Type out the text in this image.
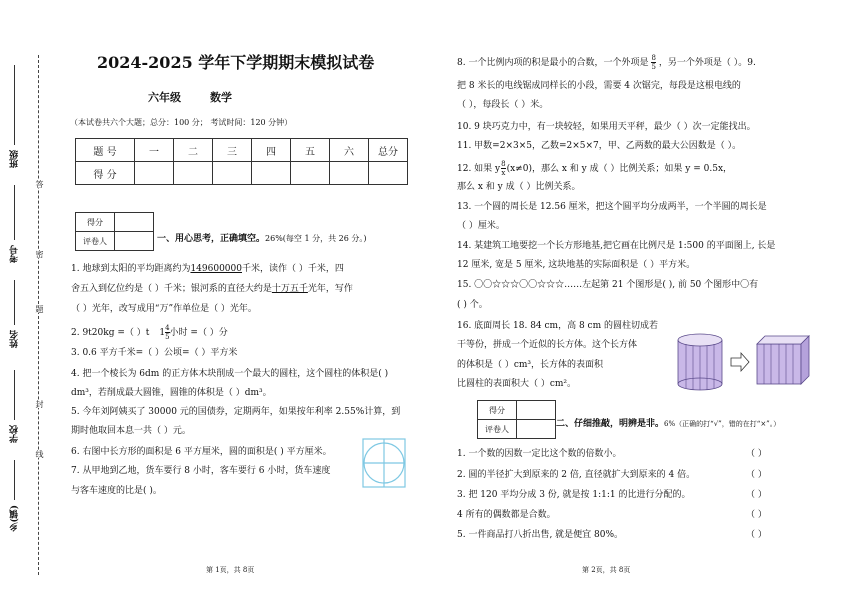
班级
考号
姓名
学校
乡(镇)
答
密
题
封
线
2024-2025 学年下学期期末模拟试卷
六年级	数学
（本试卷共六个大题；总分：100 分； 考试时间：120 分钟）
题 号	一	二	三	四	五	六	总分
得 分							
得分	
评卷人		一、用心思考，正确填空。26%(每空 1 分，共 26 分。)
1. 地球到太阳的平均距离约为149600000千米，读作（ ）千米，四
舍五入到亿位约是（ ）千米；银河系的直径大约是十万五千光年，写作
（ ）光年，改写成用“万”作单位是（ ）光年。
2. 9t20kg =（ ）t $1 \frac{4}{5}$ 小时 =（ ）分
3. 0.6 平方千米=（ ）公顷=（ ）平方米
4. 把一个棱长为 6dm 的正方体木块削成一个最大的圆柱，这个圆柱的体积是( )
dm³，若削成最大圆锥，圆锥的体积是（ ）dm³。
5. 今年刘阿姨买了 30000 元的国债券，定期两年，如果按年利率 2.55%计算，到
期时他取回本息一共（ ）元。
6. 右图中长方形的面积是 6 平方厘米，圆的面积是( ) 平方厘米。
7. 从甲地到乙地，货车要行 8 小时，客车要行 6 小时，货车速度
与客车速度的比是( )。
第 1页，共 8页
8. 一个比例内项的积是最小的合数，一个外项是 $\frac{8}{5}$ ，另一个外项是（ ）。9.
把 8 米长的电线锯成同样长的小段，需要 4 次锯完，每段是这根电线的
（ ），每段长（ ）米。
10. 9 块巧克力中，有一块较轻，如果用天平秤，最少（ ）次一定能找出。
11. 甲数=2×3×5，乙数=2×5×7，甲、乙两数的最大公因数是（ ）。
12. 如果 y $\frac{8}{x} (x\ne 0)$，那么 x 和 y 成（ ）比例关系；如果 y = 0.5x，
那么 x 和 y 成（ ）比例关系。
13. 一个圆的周长是 12.56 厘米，把这个圆平均分成两半，一个半圆的周长是
（ ）厘米。
14. 某建筑工地要挖一个长方形地基,把它画在比例尺是 1:500 的平面图上, 长是
12 厘米, 宽是 5 厘米, 这块地基的实际面积是（ ）平方米。
15. 〇〇☆☆☆〇〇☆☆☆……左起第 21 个图形是( ), 前 50 个图形中〇有
( ) 个。
16. 底面周长 18. 84 cm，高 8 cm 的圆柱切成若
干等份，拼成一个近似的长方体。这个长方体
的体积是（ ）cm³，长方体的表面积
比圆柱的表面积大（ ）cm²。
得分	
评卷人		二、仔细推敲，明辨是非。6%（正确的打“√”，错的在打“×”。）
1. 一个数的因数一定比这个数的倍数小。	（ ）
2. 圆的半径扩大到原来的 2 倍, 直径就扩大到原来的 4 倍。	（ ）
3. 把 120 平均分成 3 份, 就是按 1:1:1 的比进行分配的。	（ ）
4 所有的偶数都是合数。	（ ）
5. 一件商品打八折出售, 就是便宜 80%。	（ ）
第 2页，共 8页
